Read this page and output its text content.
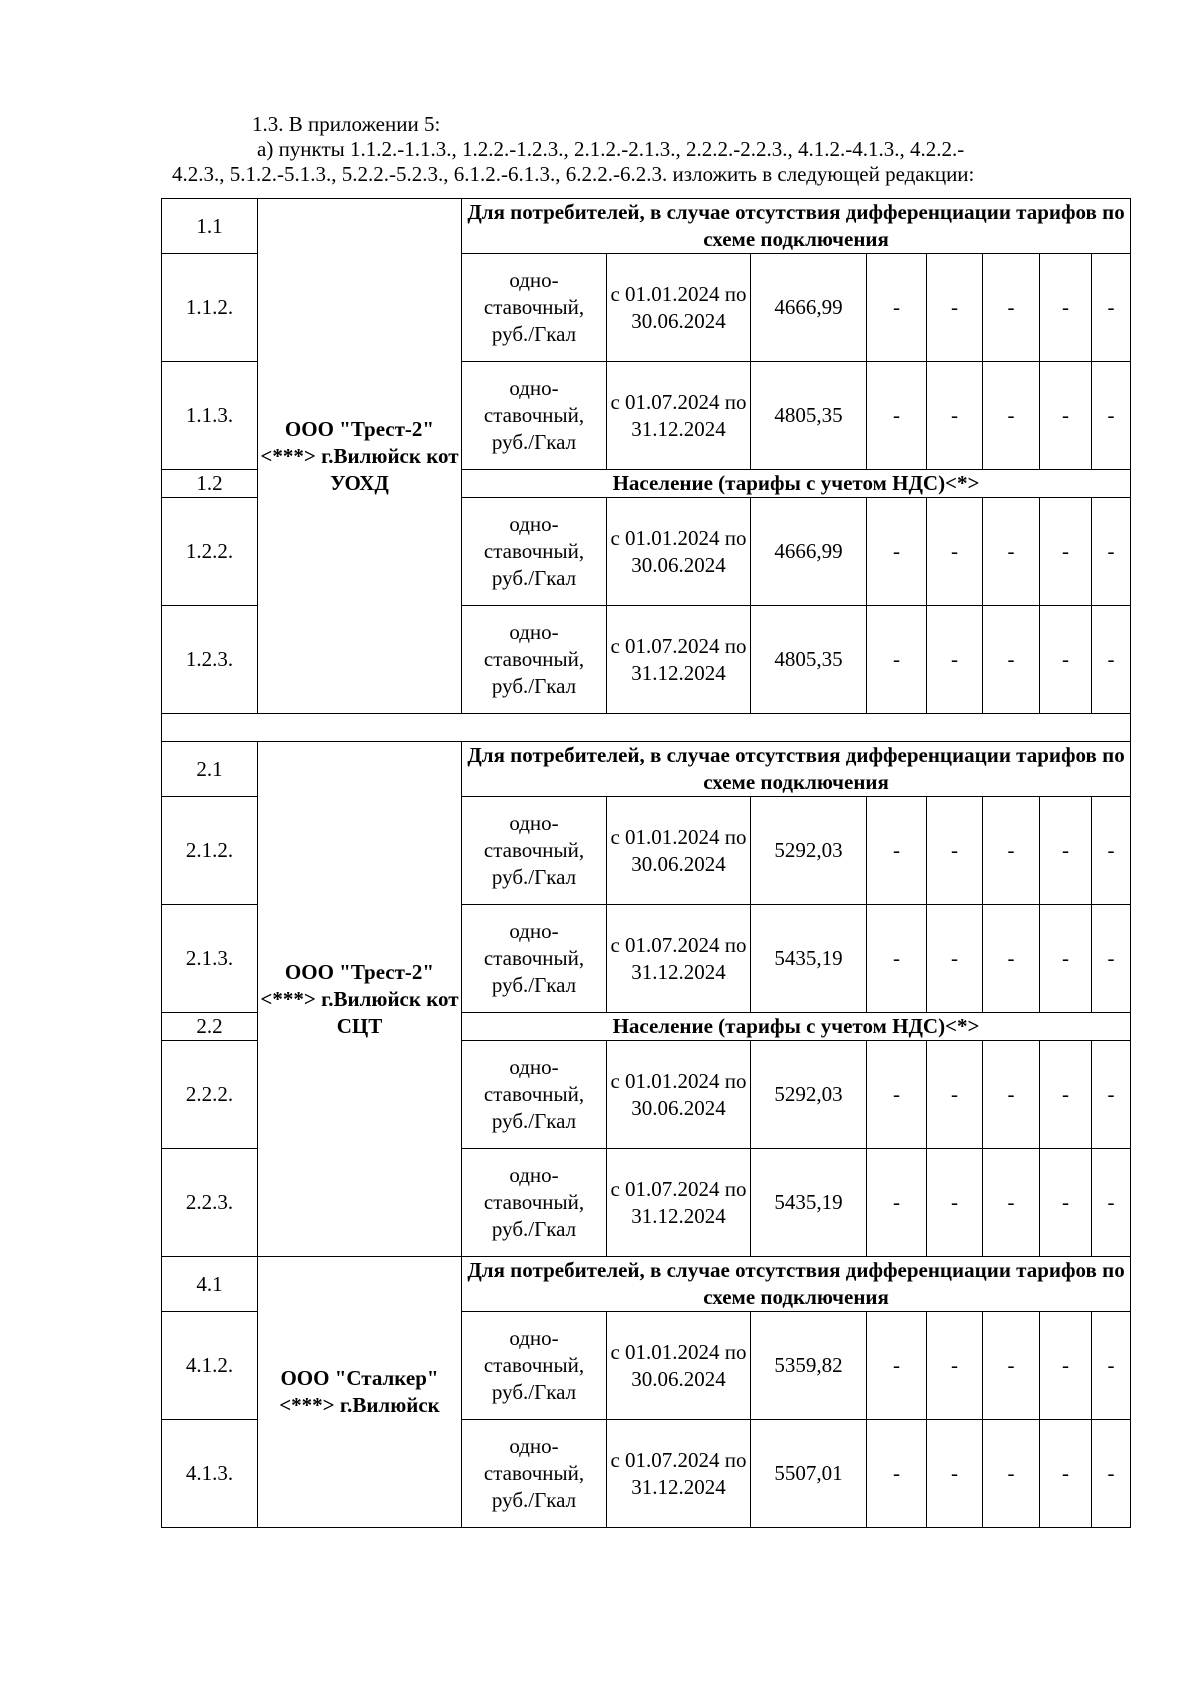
1.3. В приложении 5:

а) пункты 1.1.2.-1.1.3., 1.2.2.-1.2.3., 2.1.2.-2.1.3., 2.2.2.-2.2.3., 4.1.2.-4.1.3., 4.2.2.-

4.2.3., 5.1.2.-5.1.3., 5.2.2.-5.2.3., 6.1.2.-6.1.3., 6.2.2.-6.2.3. изложить в следующей редакции:

1.1	ООО "Трест-2" <***> г.Вилюйск кот УОХД	Для потребителей, в случае отсутствия дифференциации тарифов по схеме подключения							
1.1.2.		одно-ставочный, руб./Гкал	с 01.01.2024 по 30.06.2024	4666,99	-	-	-	-	-
1.1.3.		одно-ставочный, руб./Гкал	с 01.07.2024 по 31.12.2024	4805,35	-	-	-	-	-
1.2		Население (тарифы с учетом НДС)<*>							
1.2.2.		одно-ставочный, руб./Гкал	с 01.01.2024 по 30.06.2024	4666,99	-	-	-	-	-
1.2.3.		одно-ставочный, руб./Гкал	с 01.07.2024 по 31.12.2024	4805,35	-	-	-	-	-

2.1	ООО "Трест-2" <***> г.Вилюйск кот СЦТ	Для потребителей, в случае отсутствия дифференциации тарифов по схеме подключения							
2.1.2.		одно-ставочный, руб./Гкал	с 01.01.2024 по 30.06.2024	5292,03	-	-	-	-	-
2.1.3.		одно-ставочный, руб./Гкал	с 01.07.2024 по 31.12.2024	5435,19	-	-	-	-	-
2.2		Население (тарифы с учетом НДС)<*>							
2.2.2.		одно-ставочный, руб./Гкал	с 01.01.2024 по 30.06.2024	5292,03	-	-	-	-	-
2.2.3.		одно-ставочный, руб./Гкал	с 01.07.2024 по 31.12.2024	5435,19	-	-	-	-	-
4.1	ООО "Сталкер" <***> г.Вилюйск	Для потребителей, в случае отсутствия дифференциации тарифов по схеме подключения							
4.1.2.		одно-ставочный, руб./Гкал	с 01.01.2024 по 30.06.2024	5359,82	-	-	-	-	-
4.1.3.		одно-ставочный, руб./Гкал	с 01.07.2024 по 31.12.2024	5507,01	-	-	-	-	-
